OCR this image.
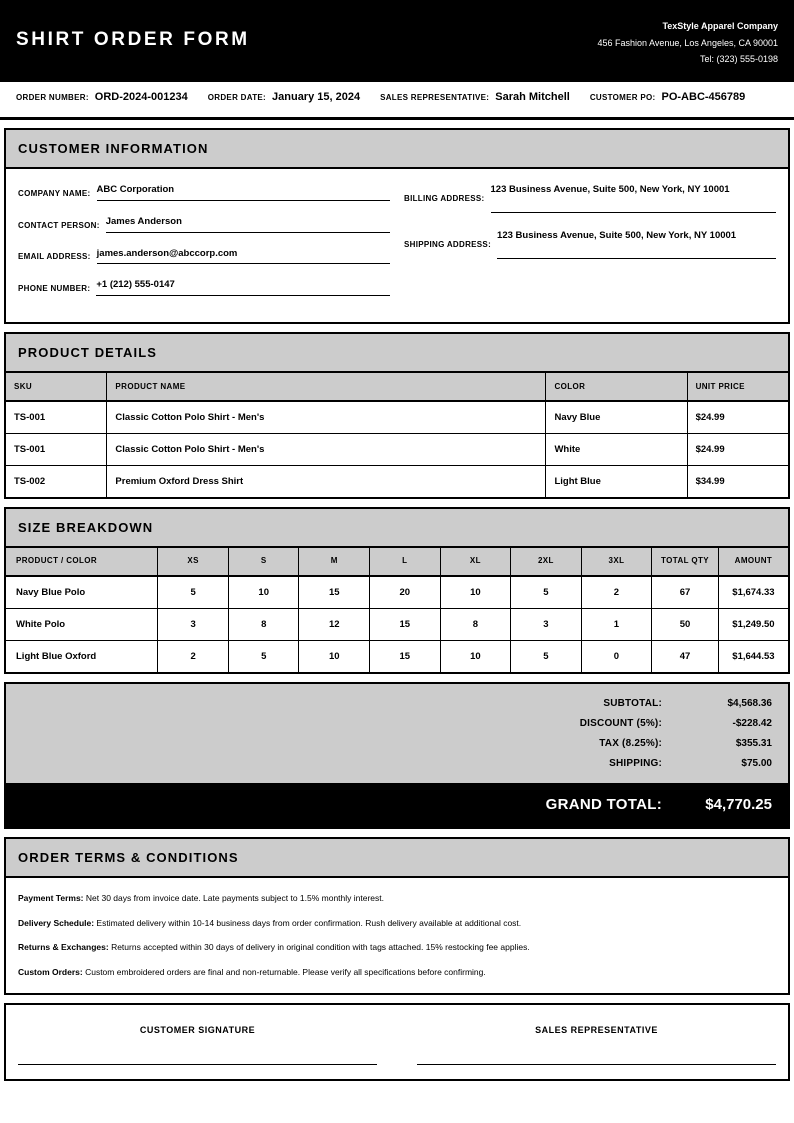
SHIRT ORDER FORM
TexStyle Apparel Company
456 Fashion Avenue, Los Angeles, CA 90001
Tel: (323) 555-0198
ORDER NUMBER: ORD-2024-001234	ORDER DATE: January 15, 2024	SALES REPRESENTATIVE: Sarah Mitchell	CUSTOMER PO: PO-ABC-456789
CUSTOMER INFORMATION
COMPANY NAME: ABC Corporation
CONTACT PERSON: James Anderson
EMAIL ADDRESS: james.anderson@abccorp.com
PHONE NUMBER: +1 (212) 555-0147
BILLING ADDRESS:
123 Business Avenue, Suite 500, New York, NY 10001
SHIPPING ADDRESS:
123 Business Avenue, Suite 500, New York, NY 10001
PRODUCT DETAILS
SKU	PRODUCT NAME	COLOR	UNIT PRICE
TS-001	Classic Cotton Polo Shirt - Men's	Navy Blue	$24.99
TS-001	Classic Cotton Polo Shirt - Men's	White	$24.99
TS-002	Premium Oxford Dress Shirt	Light Blue	$34.99
SIZE BREAKDOWN
PRODUCT / COLOR	XS	S	M	L	XL	2XL	3XL	TOTAL QTY	AMOUNT
Navy Blue Polo	5	10	15	20	10	5	2	67	$1,674.33
White Polo	3	8	12	15	8	3	1	50	$1,249.50
Light Blue Oxford	2	5	10	15	10	5	0	47	$1,644.53
SUBTOTAL:	$4,568.36
DISCOUNT (5%):	-$228.42
TAX (8.25%):	$355.31
SHIPPING:	$75.00
GRAND TOTAL:	$4,770.25
ORDER TERMS & CONDITIONS
Payment Terms: Net 30 days from invoice date. Late payments subject to 1.5% monthly interest.
Delivery Schedule: Estimated delivery within 10-14 business days from order confirmation. Rush delivery available at additional cost.
Returns & Exchanges: Returns accepted within 30 days of delivery in original condition with tags attached. 15% restocking fee applies.
Custom Orders: Custom embroidered orders are final and non-returnable. Please verify all specifications before confirming.
CUSTOMER SIGNATURE	SALES REPRESENTATIVE
